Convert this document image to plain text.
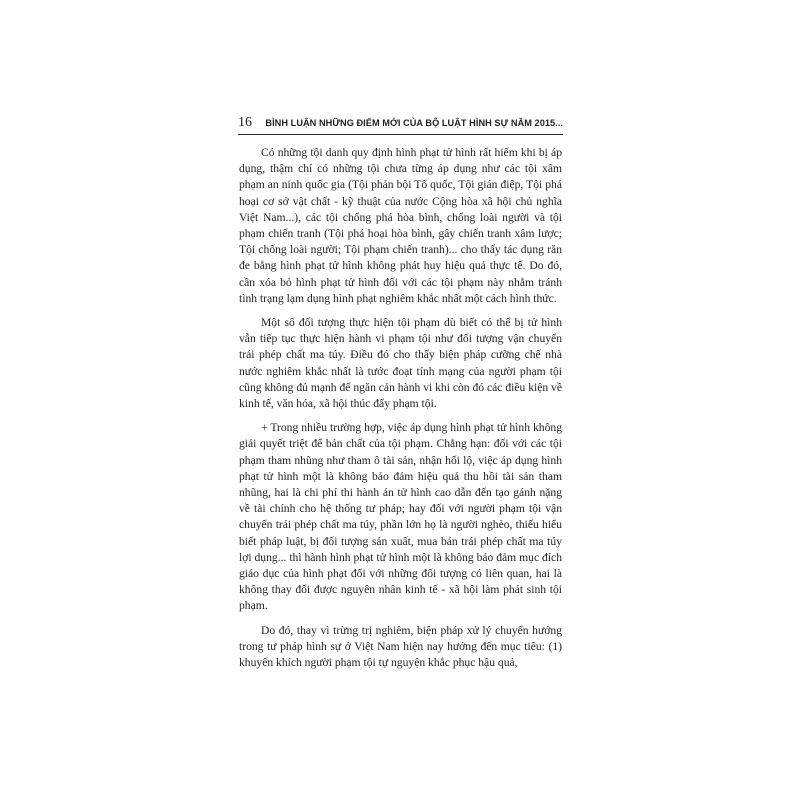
16 BÌNH LUẬN NHỮNG ĐIỂM MỚI CỦA BỘ LUẬT HÌNH SỰ NĂM 2015...

Có những tội danh quy định hình phạt tử hình rất hiếm khi bị áp dụng, thậm chí có những tội chưa từng áp dụng như các tội xâm phạm an ninh quốc gia (Tội phản bội Tổ quốc, Tội gián điệp, Tội phá hoại cơ sở vật chất - kỹ thuật của nước Cộng hòa xã hội chủ nghĩa Việt Nam...), các tội chống phá hòa bình, chống loài người và tội phạm chiến tranh (Tội phá hoại hòa bình, gây chiến tranh xâm lược; Tội chống loài người; Tội phạm chiến tranh)... cho thấy tác dụng răn đe bằng hình phạt tử hình không phát huy hiệu quả thực tế. Do đó, cần xóa bỏ hình phạt tử hình đối với các tội phạm này nhằm tránh tình trạng lạm dụng hình phạt nghiêm khắc nhất một cách hình thức.

Một số đối tượng thực hiện tội phạm dù biết có thể bị tử hình vẫn tiếp tục thực hiện hành vi phạm tội như đối tượng vận chuyển trái phép chất ma túy. Điều đó cho thấy biện pháp cưỡng chế nhà nước nghiêm khắc nhất là tước đoạt tính mạng của người phạm tội cũng không đủ mạnh để ngăn cản hành vi khi còn đó các điều kiện về kinh tế, văn hóa, xã hội thúc đẩy phạm tội.

+ Trong nhiều trường hợp, việc áp dụng hình phạt tử hình không giải quyết triệt để bản chất của tội phạm. Chẳng hạn: đối với các tội phạm tham nhũng như tham ô tài sản, nhận hối lộ, việc áp dụng hình phạt tử hình một là không bảo đảm hiệu quả thu hồi tài sản tham nhũng, hai là chi phí thi hành án tử hình cao dẫn đến tạo gánh nặng về tài chính cho hệ thống tư pháp; hay đối với người phạm tội vận chuyển trái phép chất ma túy, phần lớn họ là người nghèo, thiếu hiểu biết pháp luật, bị đối tượng sản xuất, mua bán trái phép chất ma túy lợi dụng... thì hành hình phạt tử hình một là không bảo đảm mục đích giáo dục của hình phạt đối với những đối tượng có liên quan, hai là không thay đổi được nguyên nhân kinh tế - xã hội làm phát sinh tội phạm.

Do đó, thay vì trừng trị nghiêm, biện pháp xử lý chuyển hướng trong tư pháp hình sự ở Việt Nam hiện nay hướng đến mục tiêu: (1) khuyến khích người phạm tội tự nguyện khắc phục hậu quả,
